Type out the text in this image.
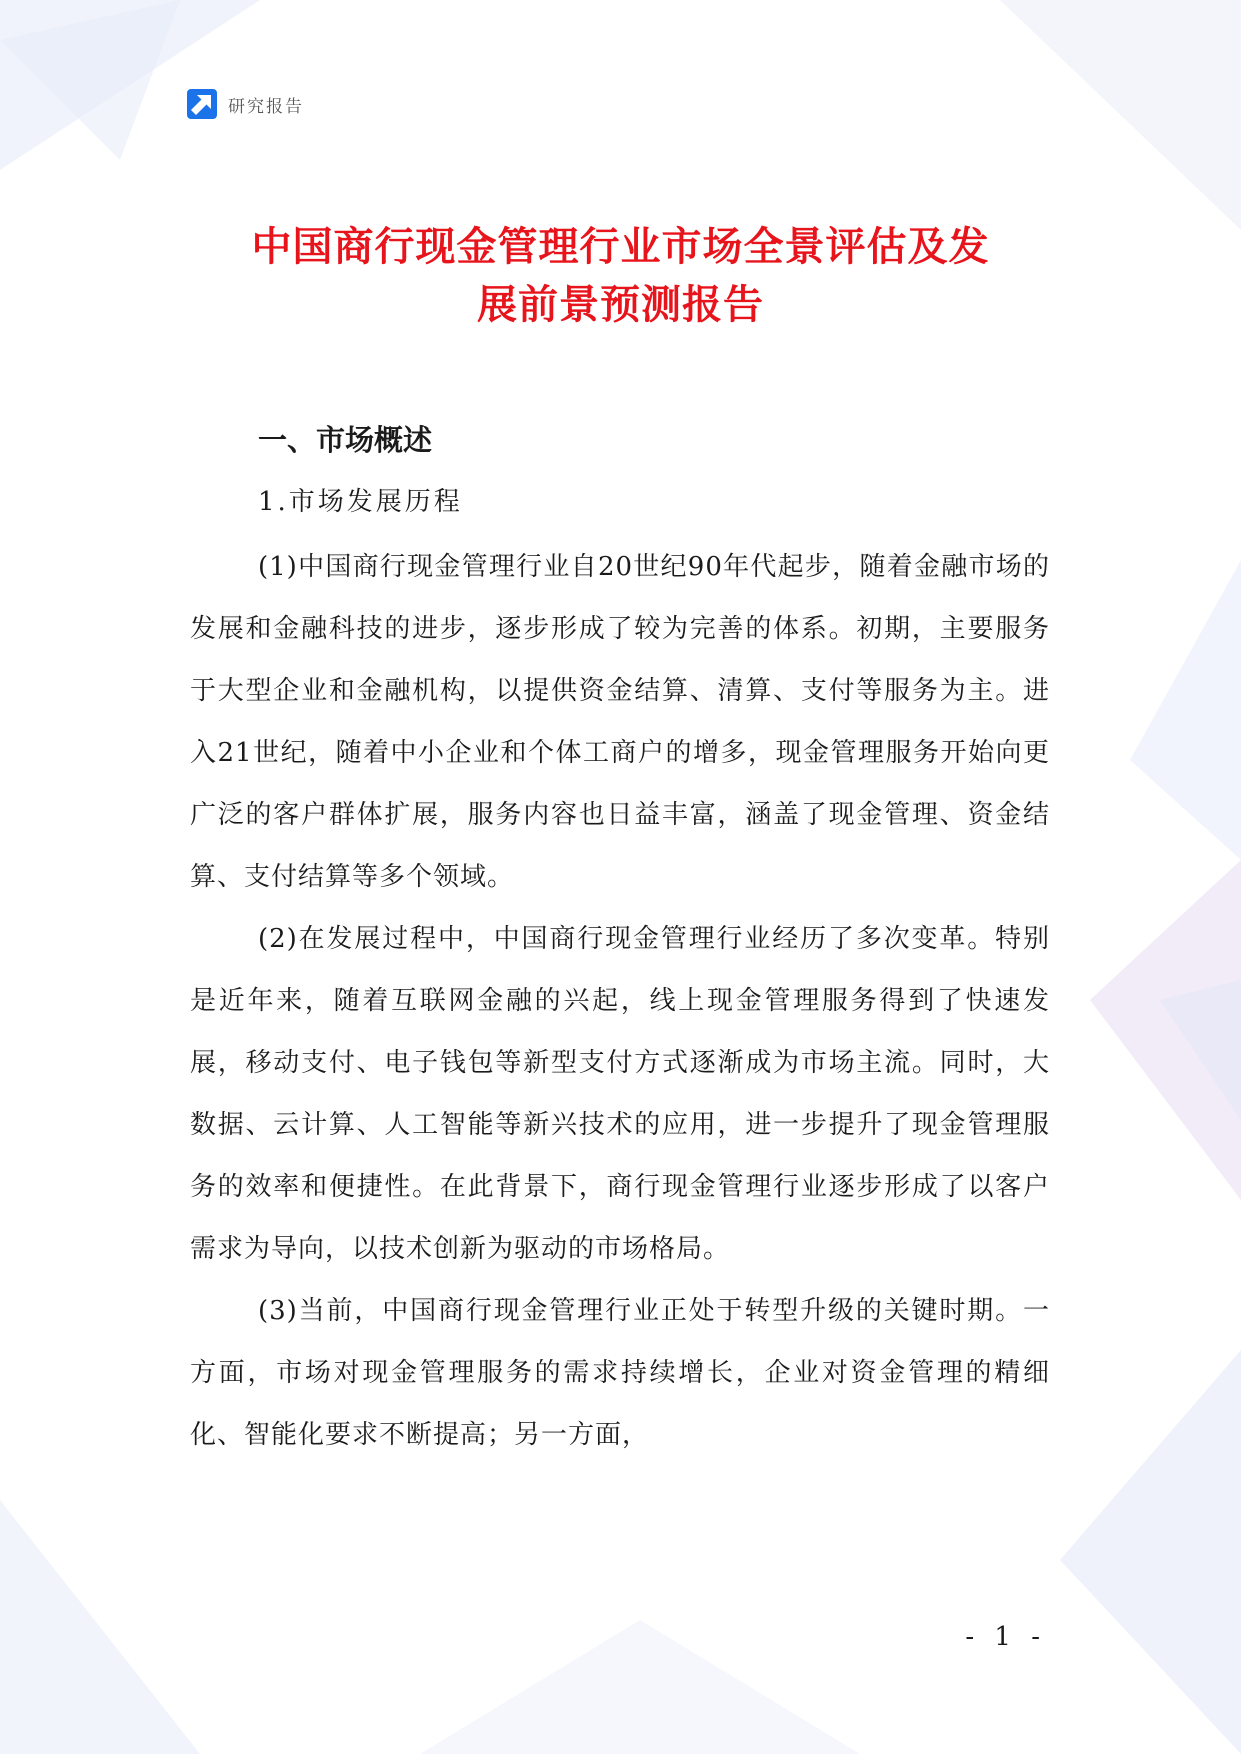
研究报告
中国商行现金管理行业市场全景评估及发
展前景预测报告
一、市场概述
1.市场发展历程
(1)中国商行现金管理行业自20世纪90年代起步，随着金融市场的发展和金融科技的进步，逐步形成了较为完善的体系。初期，主要服务于大型企业和金融机构，以提供资金结算、清算、支付等服务为主。进入21世纪，随着中小企业和个体工商户的增多，现金管理服务开始向更广泛的客户群体扩展，服务内容也日益丰富，涵盖了现金管理、资金结算、支付结算等多个领域。
(2)在发展过程中，中国商行现金管理行业经历了多次变革。特别是近年来，随着互联网金融的兴起，线上现金管理服务得到了快速发展，移动支付、电子钱包等新型支付方式逐渐成为市场主流。同时，大数据、云计算、人工智能等新兴技术的应用，进一步提升了现金管理服务的效率和便捷性。在此背景下，商行现金管理行业逐步形成了以客户需求为导向，以技术创新为驱动的市场格局。
(3)当前，中国商行现金管理行业正处于转型升级的关键时期。一方面，市场对现金管理服务的需求持续增长，企业对资金管理的精细化、智能化要求不断提高；另一方面，
- 1 -
